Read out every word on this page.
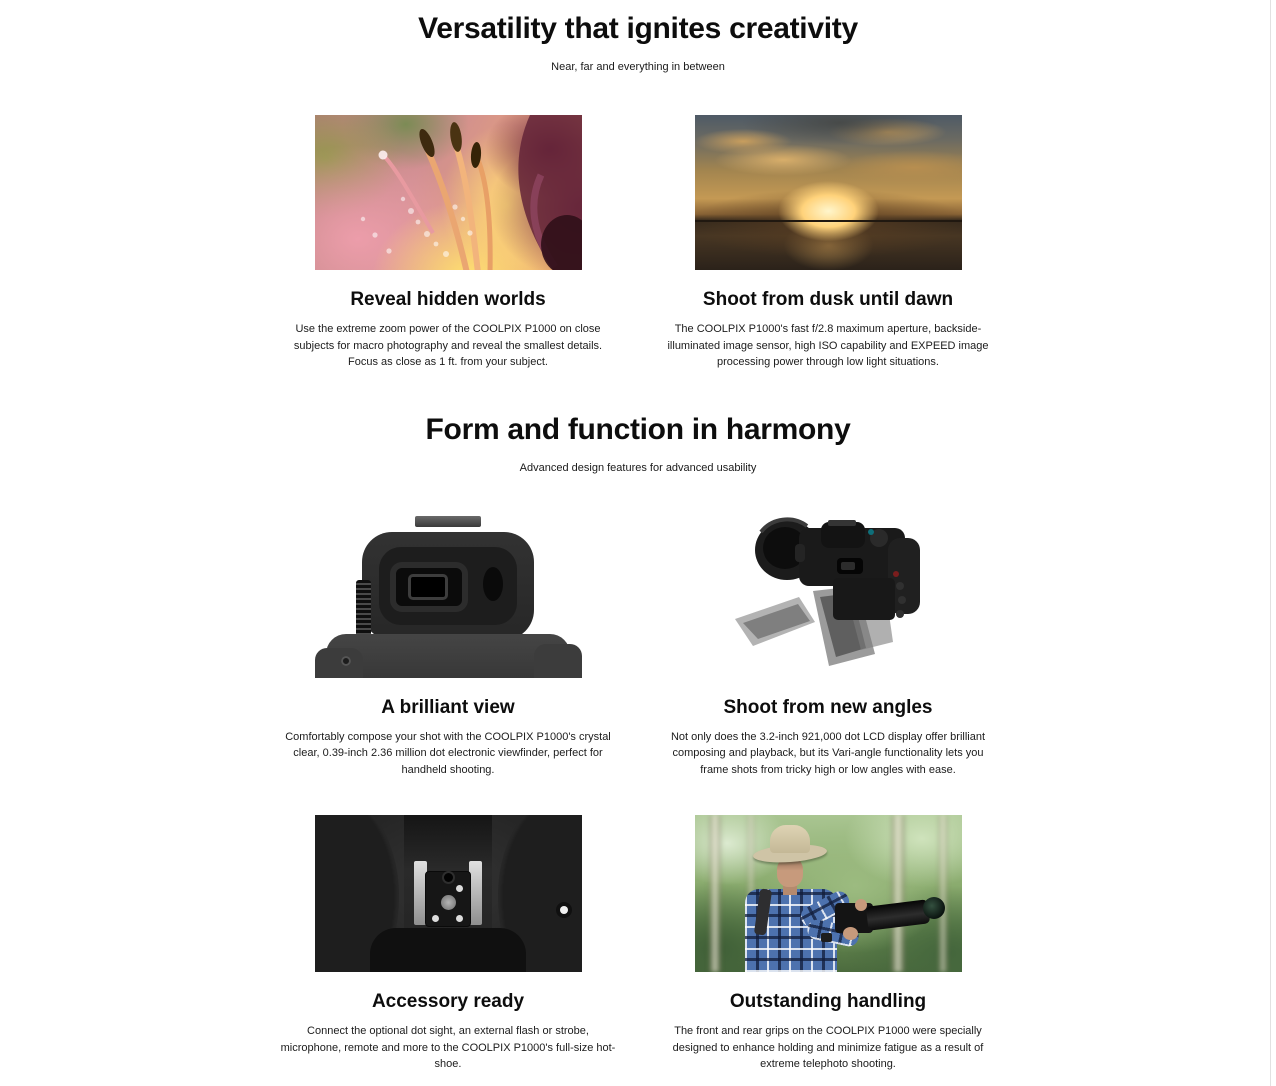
Versatility that ignites creativity

Near, far and everything in between

Reveal hidden worlds

Use the extreme zoom power of the COOLPIX P1000 on close subjects for macro photography and reveal the smallest details. Focus as close as 1 ft. from your subject.

Shoot from dusk until dawn

The COOLPIX P1000's fast f/2.8 maximum aperture, backside-illuminated image sensor, high ISO capability and EXPEED image processing power through low light situations.

Form and function in harmony

Advanced design features for advanced usability

A brilliant view

Comfortably compose your shot with the COOLPIX P1000's crystal clear, 0.39-inch 2.36 million dot electronic viewfinder, perfect for handheld shooting.

Shoot from new angles

Not only does the 3.2-inch 921,000 dot LCD display offer brilliant composing and playback, but its Vari-angle functionality lets you frame shots from tricky high or low angles with ease.

Accessory ready

Connect the optional dot sight, an external flash or strobe, microphone, remote and more to the COOLPIX P1000's full-size hot-shoe.

Outstanding handling

The front and rear grips on the COOLPIX P1000 were specially designed to enhance holding and minimize fatigue as a result of extreme telephoto shooting.
